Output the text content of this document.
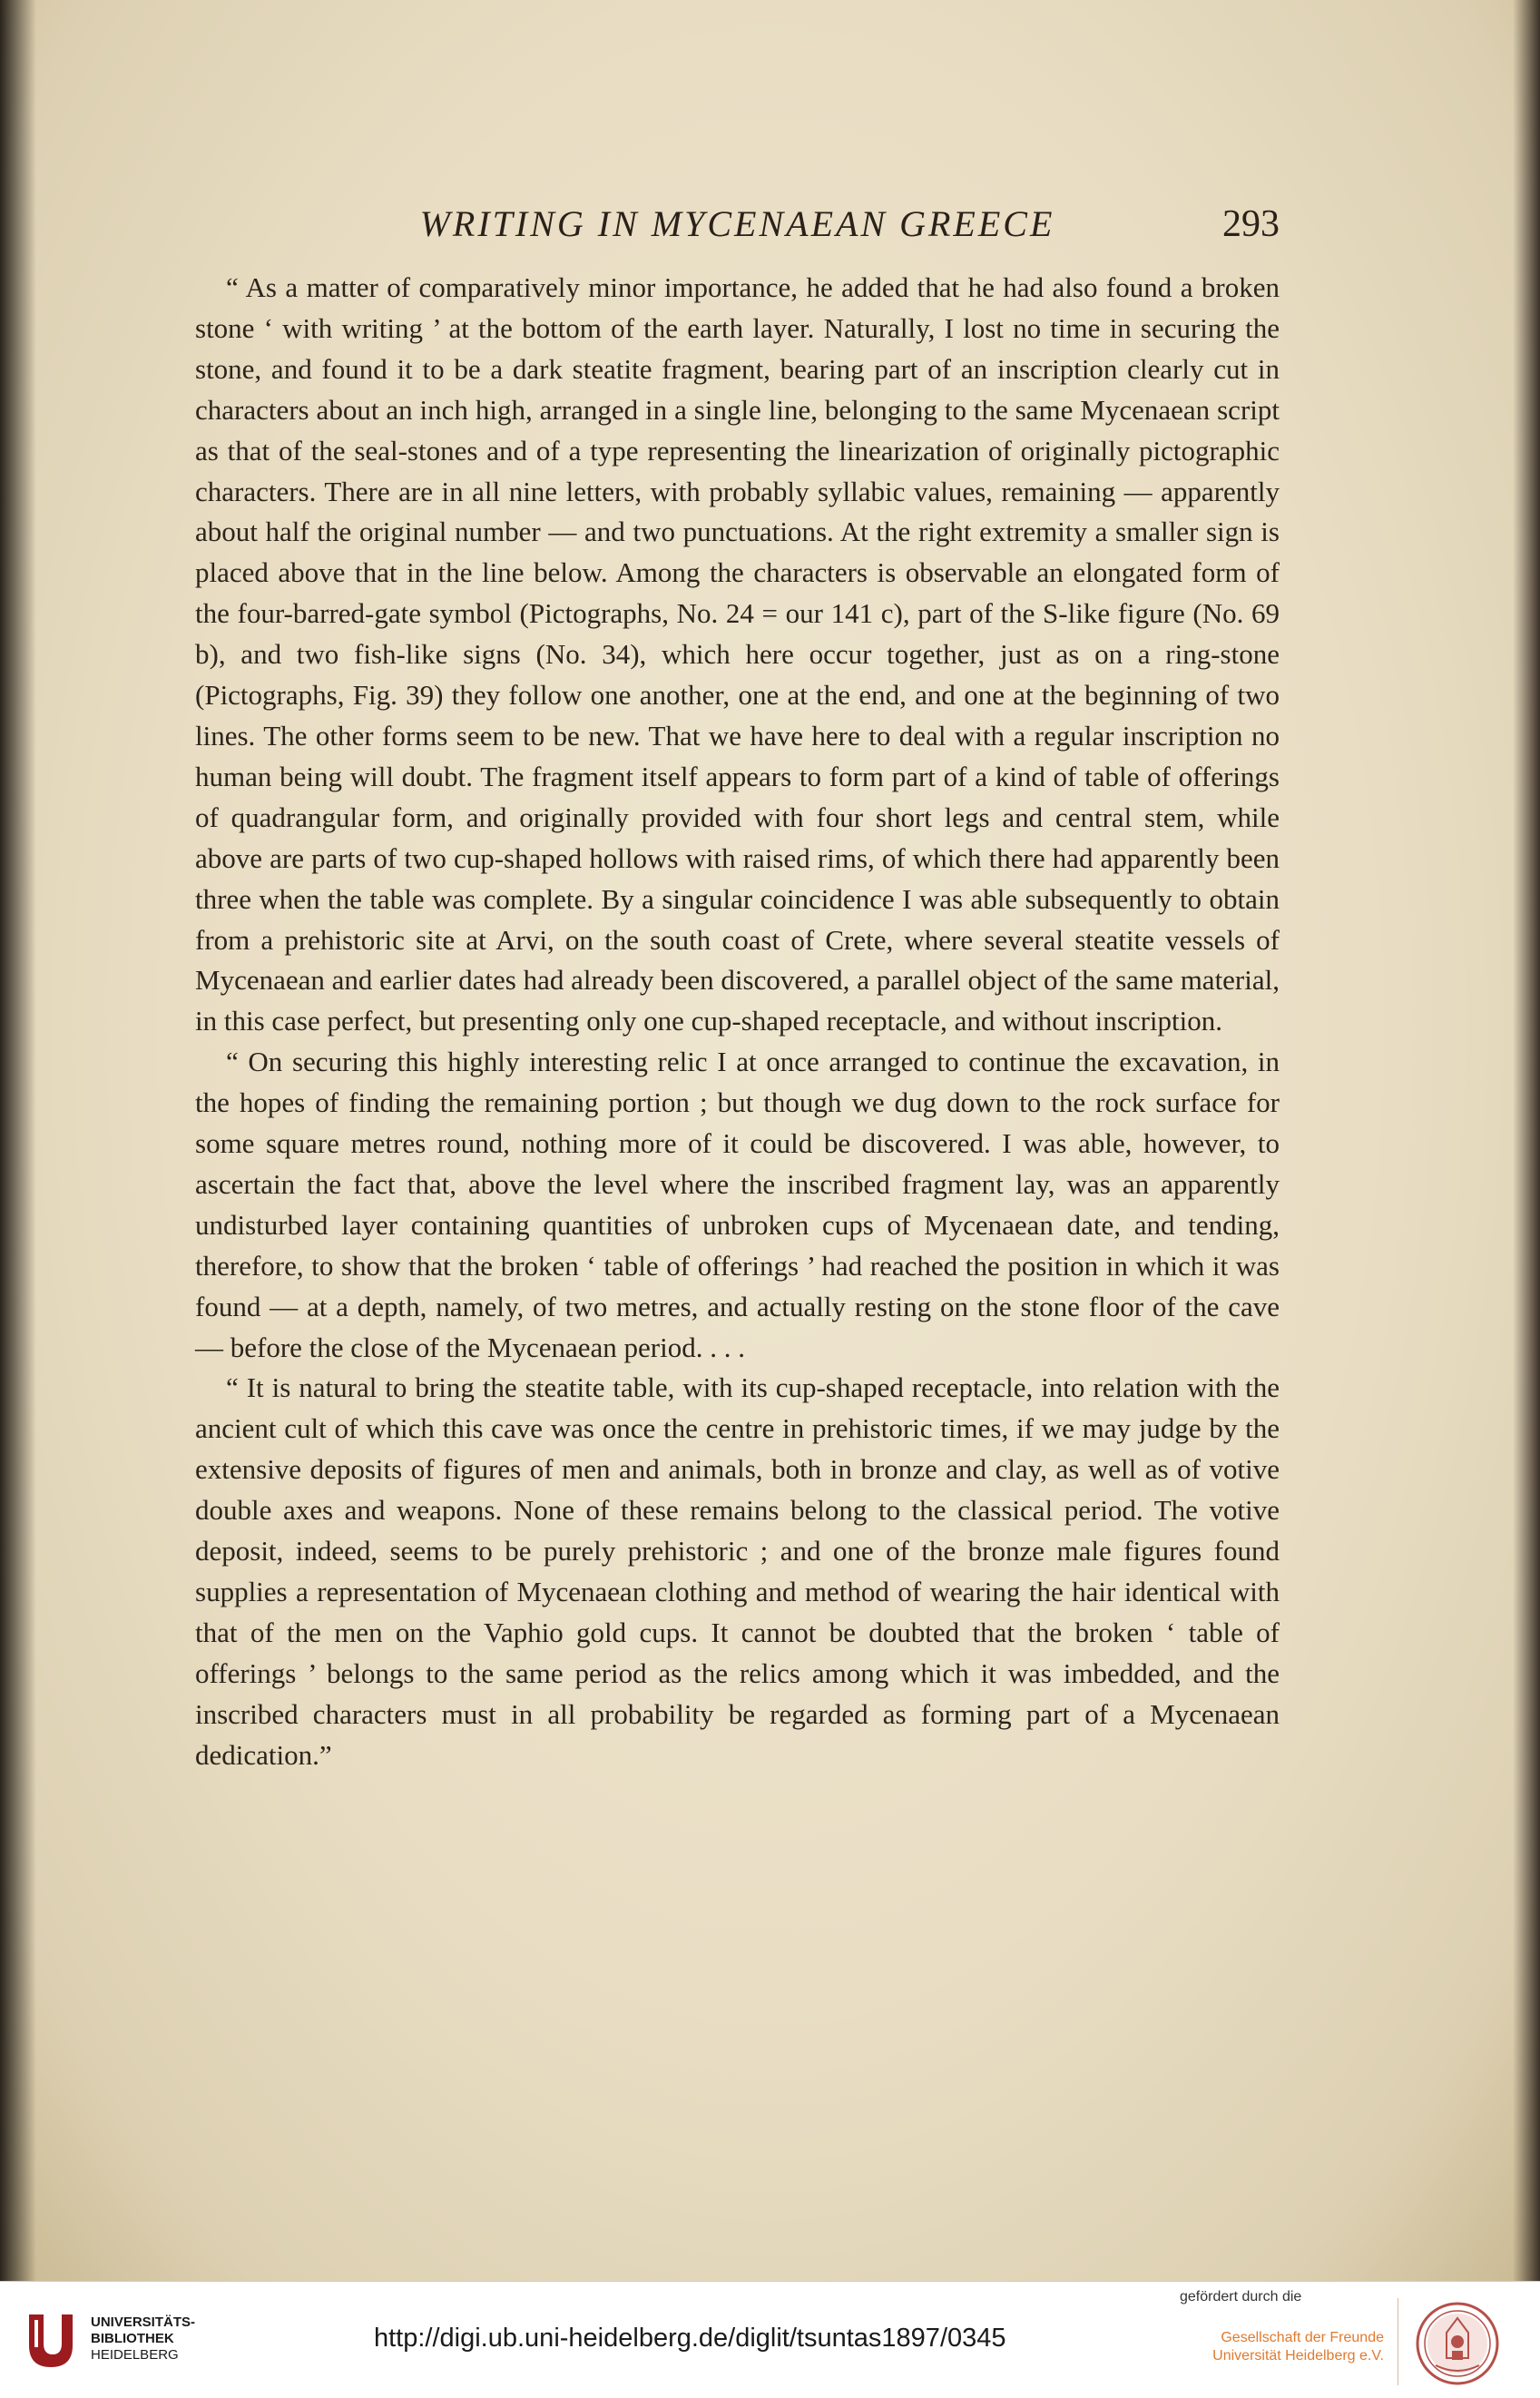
WRITING IN MYCENAEAN GREECE	293

“ As a matter of comparatively minor importance, he added that he had also found a broken stone ‘ with writing ’ at the bottom of the earth layer. Naturally, I lost no time in securing the stone, and found it to be a dark steatite fragment, bearing part of an inscription clearly cut in characters about an inch high, arranged in a single line, belonging to the same Mycenaean script as that of the seal-stones and of a type representing the linearization of originally pictographic characters. There are in all nine letters, with probably syllabic values, remaining — apparently about half the original number — and two punctuations. At the right extremity a smaller sign is placed above that in the line below. Among the characters is observable an elongated form of the four-barred-gate symbol (Pictographs, No. 24 = our 141 c), part of the S-like figure (No. 69 b), and two fish-like signs (No. 34), which here occur together, just as on a ring-stone (Pictographs, Fig. 39) they follow one another, one at the end, and one at the beginning of two lines. The other forms seem to be new. That we have here to deal with a regular inscription no human being will doubt. The fragment itself appears to form part of a kind of table of offerings of quadrangular form, and originally provided with four short legs and central stem, while above are parts of two cup-shaped hollows with raised rims, of which there had apparently been three when the table was complete. By a singular coincidence I was able subsequently to obtain from a prehistoric site at Arvi, on the south coast of Crete, where several steatite vessels of Mycenaean and earlier dates had already been discovered, a parallel object of the same material, in this case perfect, but presenting only one cup-shaped receptacle, and without inscription.

“ On securing this highly interesting relic I at once arranged to continue the excavation, in the hopes of finding the remaining portion ; but though we dug down to the rock surface for some square metres round, nothing more of it could be discovered. I was able, however, to ascertain the fact that, above the level where the inscribed fragment lay, was an apparently undisturbed layer containing quantities of unbroken cups of Mycenaean date, and tending, therefore, to show that the broken ‘ table of offerings ’ had reached the position in which it was found — at a depth, namely, of two metres, and actually resting on the stone floor of the cave — before the close of the Mycenaean period. . . .

“ It is natural to bring the steatite table, with its cup-shaped receptacle, into relation with the ancient cult of which this cave was once the centre in prehistoric times, if we may judge by the extensive deposits of figures of men and animals, both in bronze and clay, as well as of votive double axes and weapons. None of these remains belong to the classical period. The votive deposit, indeed, seems to be purely prehistoric ; and one of the bronze male figures found supplies a representation of Mycenaean clothing and method of wearing the hair identical with that of the men on the Vaphio gold cups. It cannot be doubted that the broken ‘ table of offerings ’ belongs to the same period as the relics among which it was imbedded, and the inscribed characters must in all probability be regarded as forming part of a Mycenaean dedication.”

UNIVERSITÄTS-
BIBLIOTHEK
HEIDELBERG
http://digi.ub.uni-heidelberg.de/diglit/tsuntas1897/0345
gefördert durch die
Gesellschaft der Freunde
Universität Heidelberg e.V.
